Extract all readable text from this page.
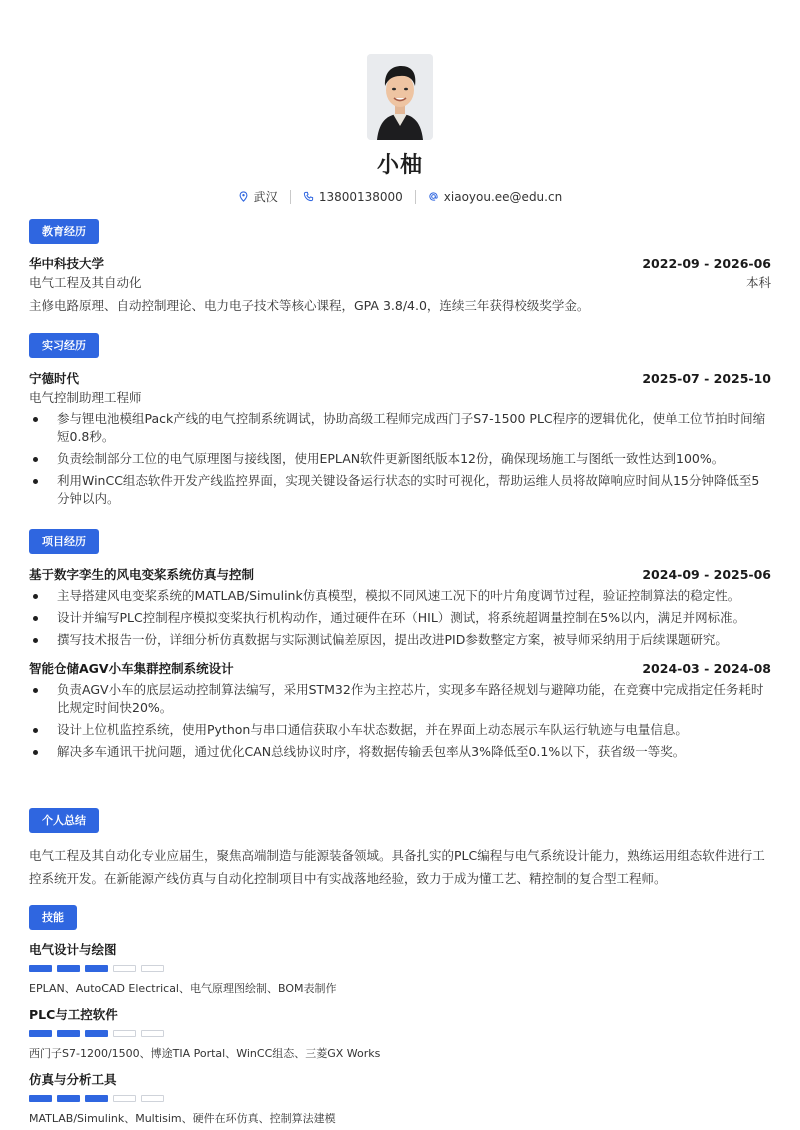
小柚
武汉	13800138000	xiaoyou.ee@edu.cn
教育经历
华中科技大学	2022-09 - 2026-06
电气工程及其自动化	本科
主修电路原理、自动控制理论、电力电子技术等核心课程，GPA 3.8/4.0，连续三年获得校级奖学金。
实习经历
宁德时代	2025-07 - 2025-10
电气控制助理工程师
参与锂电池模组Pack产线的电气控制系统调试，协助高级工程师完成西门子S7-1500 PLC程序的逻辑优化，使单工位节拍时间缩短0.8秒。
负责绘制部分工位的电气原理图与接线图，使用EPLAN软件更新图纸版本12份，确保现场施工与图纸一致性达到100%。
利用WinCC组态软件开发产线监控界面，实现关键设备运行状态的实时可视化，帮助运维人员将故障响应时间从15分钟降低至5分钟以内。
项目经历
基于数字孪生的风电变桨系统仿真与控制	2024-09 - 2025-06
主导搭建风电变桨系统的MATLAB/Simulink仿真模型，模拟不同风速工况下的叶片角度调节过程，验证控制算法的稳定性。
设计并编写PLC控制程序模拟变桨执行机构动作，通过硬件在环（HIL）测试，将系统超调量控制在5%以内，满足并网标准。
撰写技术报告一份，详细分析仿真数据与实际测试偏差原因，提出改进PID参数整定方案，被导师采纳用于后续课题研究。
智能仓储AGV小车集群控制系统设计	2024-03 - 2024-08
负责AGV小车的底层运动控制算法编写，采用STM32作为主控芯片，实现多车路径规划与避障功能，在竞赛中完成指定任务耗时比规定时间快20%。
设计上位机监控系统，使用Python与串口通信获取小车状态数据，并在界面上动态展示车队运行轨迹与电量信息。
解决多车通讯干扰问题，通过优化CAN总线协议时序，将数据传输丢包率从3%降低至0.1%以下，获省级一等奖。
个人总结
电气工程及其自动化专业应届生，聚焦高端制造与能源装备领域。具备扎实的PLC编程与电气系统设计能力，熟练运用组态软件进行工控系统开发。在新能源产线仿真与自动化控制项目中有实战落地经验，致力于成为懂工艺、精控制的复合型工程师。
技能
电气设计与绘图
EPLAN、AutoCAD Electrical、电气原理图绘制、BOM表制作
PLC与工控软件
西门子S7-1200/1500、博途TIA Portal、WinCC组态、三菱GX Works
仿真与分析工具
MATLAB/Simulink、Multisim、硬件在环仿真、控制算法建模
